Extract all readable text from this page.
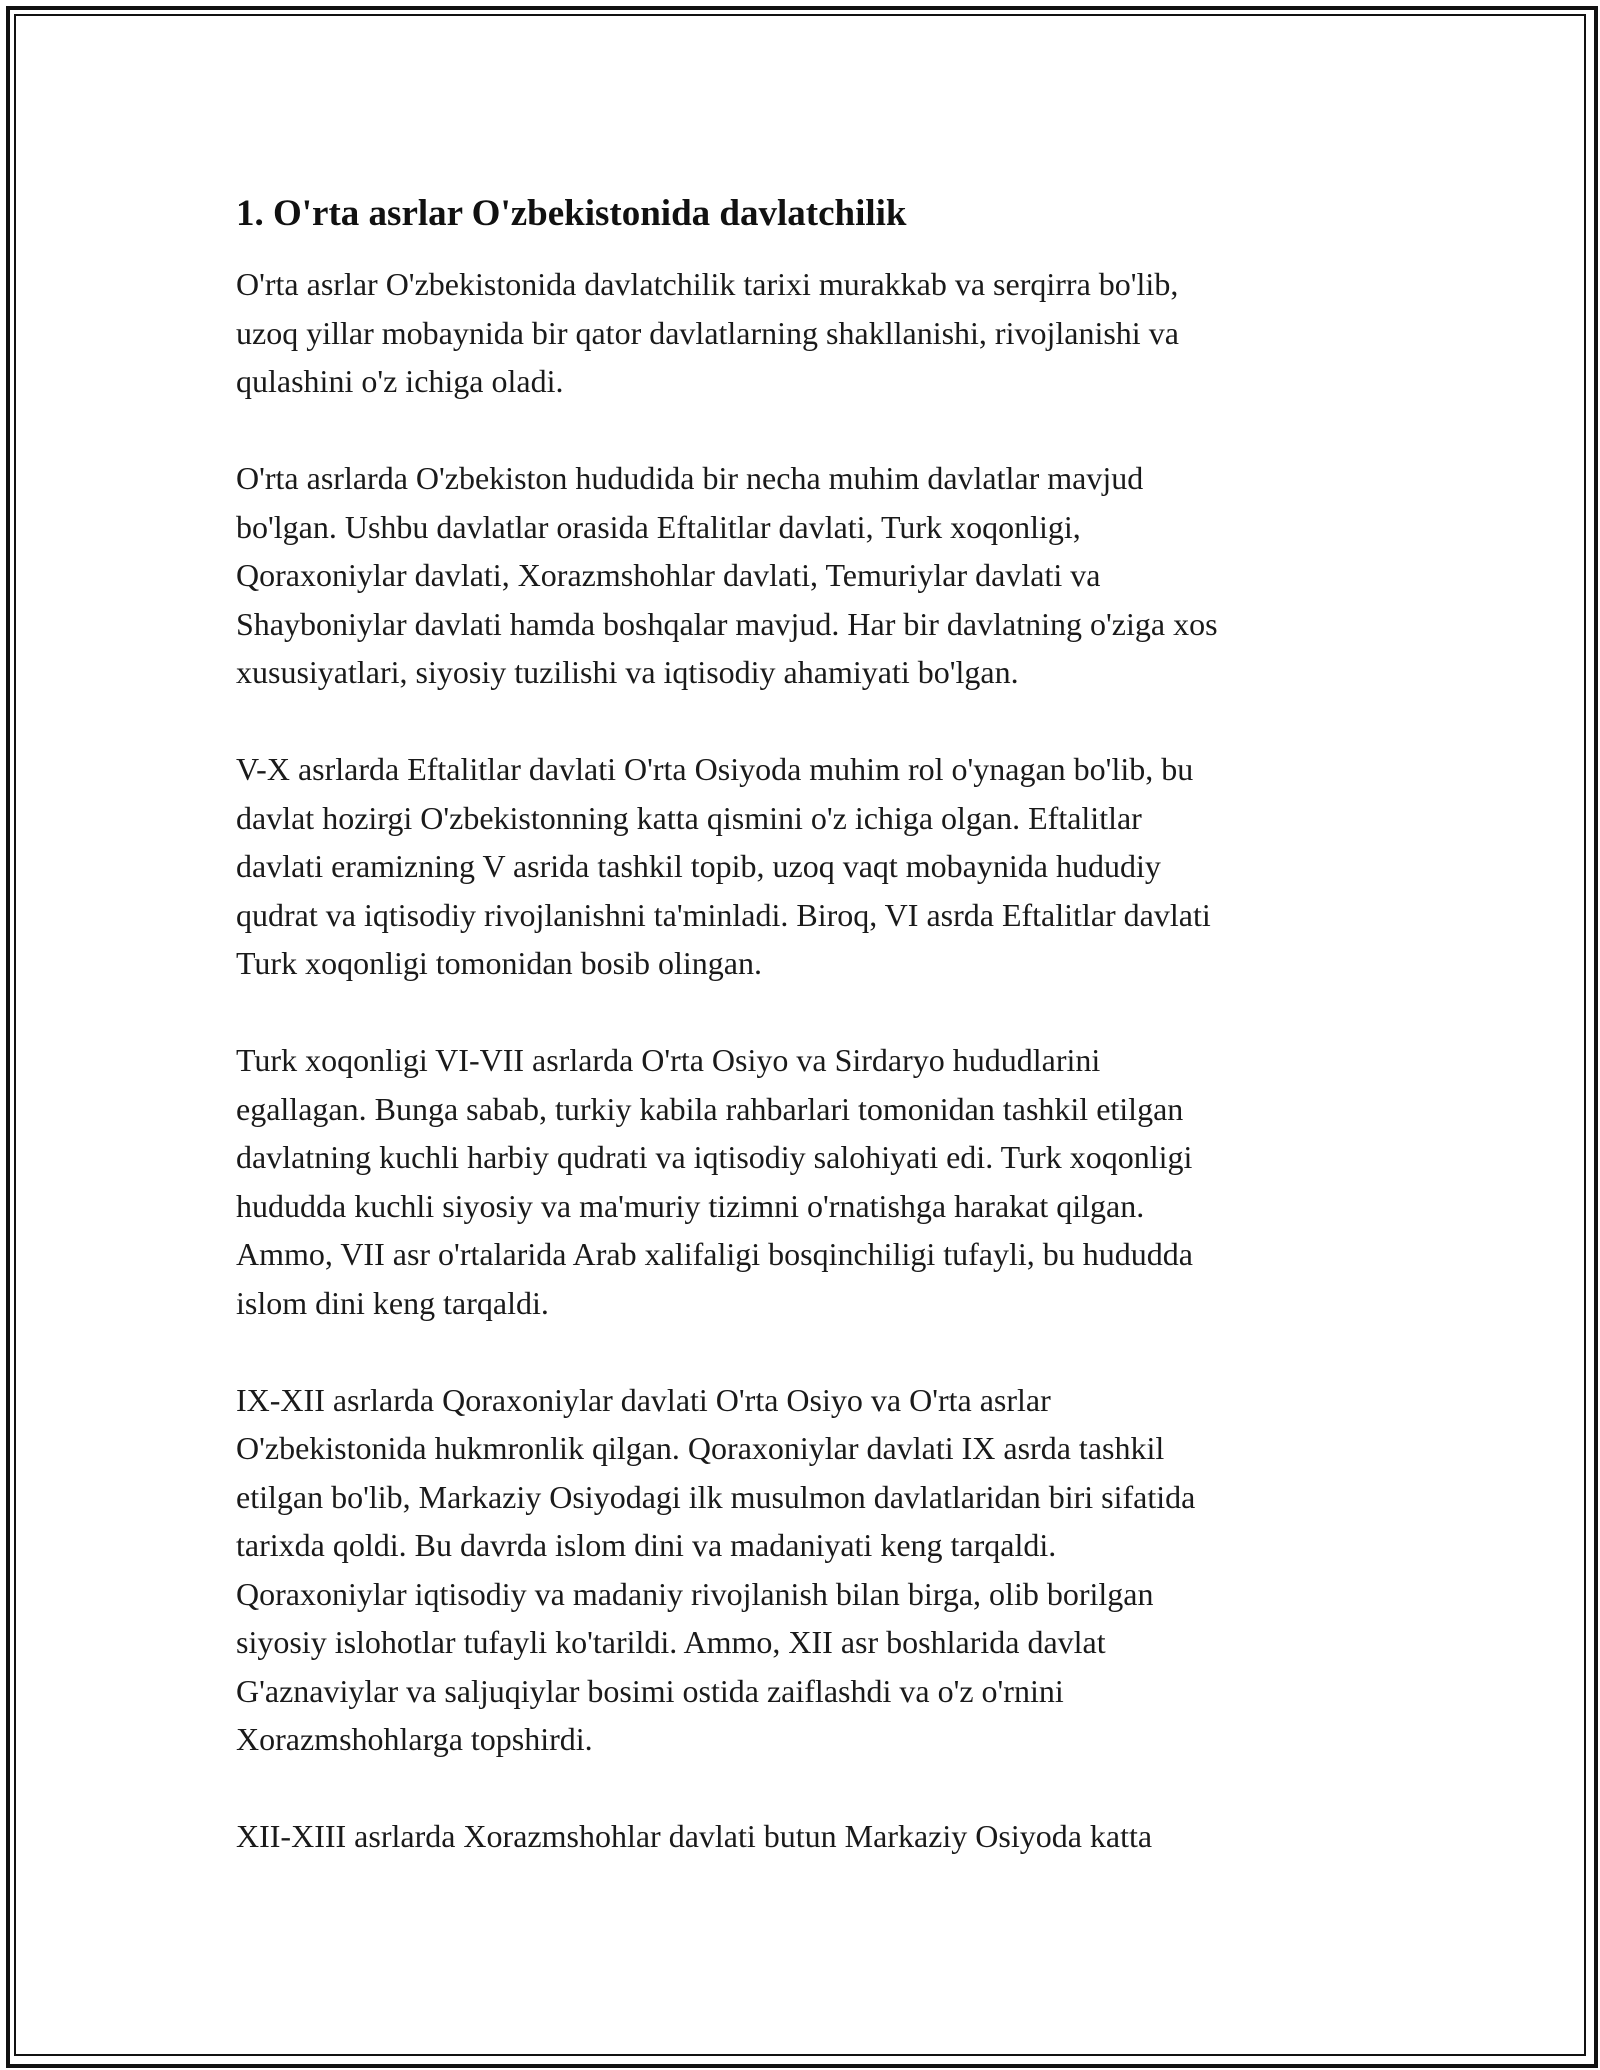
1. O'rta asrlar O'zbekistonida davlatchilik

O'rta asrlar O'zbekistonida davlatchilik tarixi murakkab va serqirra bo'lib,
uzoq yillar mobaynida bir qator davlatlarning shakllanishi, rivojlanishi va
qulashini o'z ichiga oladi.

O'rta asrlarda O'zbekiston hududida bir necha muhim davlatlar mavjud
bo'lgan. Ushbu davlatlar orasida Eftalitlar davlati, Turk xoqonligi,
Qoraxoniylar davlati, Xorazmshohlar davlati, Temuriylar davlati va
Shayboniylar davlati hamda boshqalar mavjud. Har bir davlatning o'ziga xos
xususiyatlari, siyosiy tuzilishi va iqtisodiy ahamiyati bo'lgan.

V-X asrlarda Eftalitlar davlati O'rta Osiyoda muhim rol o'ynagan bo'lib, bu
davlat hozirgi O'zbekistonning katta qismini o'z ichiga olgan. Eftalitlar
davlati eramizning V asrida tashkil topib, uzoq vaqt mobaynida hududiy
qudrat va iqtisodiy rivojlanishni ta'minladi. Biroq, VI asrda Eftalitlar davlati
Turk xoqonligi tomonidan bosib olingan.

Turk xoqonligi VI-VII asrlarda O'rta Osiyo va Sirdaryo hududlarini
egallagan. Bunga sabab, turkiy kabila rahbarlari tomonidan tashkil etilgan
davlatning kuchli harbiy qudrati va iqtisodiy salohiyati edi. Turk xoqonligi
hududda kuchli siyosiy va ma'muriy tizimni o'rnatishga harakat qilgan.
Ammo, VII asr o'rtalarida Arab xalifaligi bosqinchiligi tufayli, bu hududda
islom dini keng tarqaldi.

IX-XII asrlarda Qoraxoniylar davlati O'rta Osiyo va O'rta asrlar
O'zbekistonida hukmronlik qilgan. Qoraxoniylar davlati IX asrda tashkil
etilgan bo'lib, Markaziy Osiyodagi ilk musulmon davlatlaridan biri sifatida
tarixda qoldi. Bu davrda islom dini va madaniyati keng tarqaldi.
Qoraxoniylar iqtisodiy va madaniy rivojlanish bilan birga, olib borilgan
siyosiy islohotlar tufayli ko'tarildi. Ammo, XII asr boshlarida davlat
G'aznaviylar va saljuqiylar bosimi ostida zaiflashdi va o'z o'rnini
Xorazmshohlarga topshirdi.

XII-XIII asrlarda Xorazmshohlar davlati butun Markaziy Osiyoda katta
